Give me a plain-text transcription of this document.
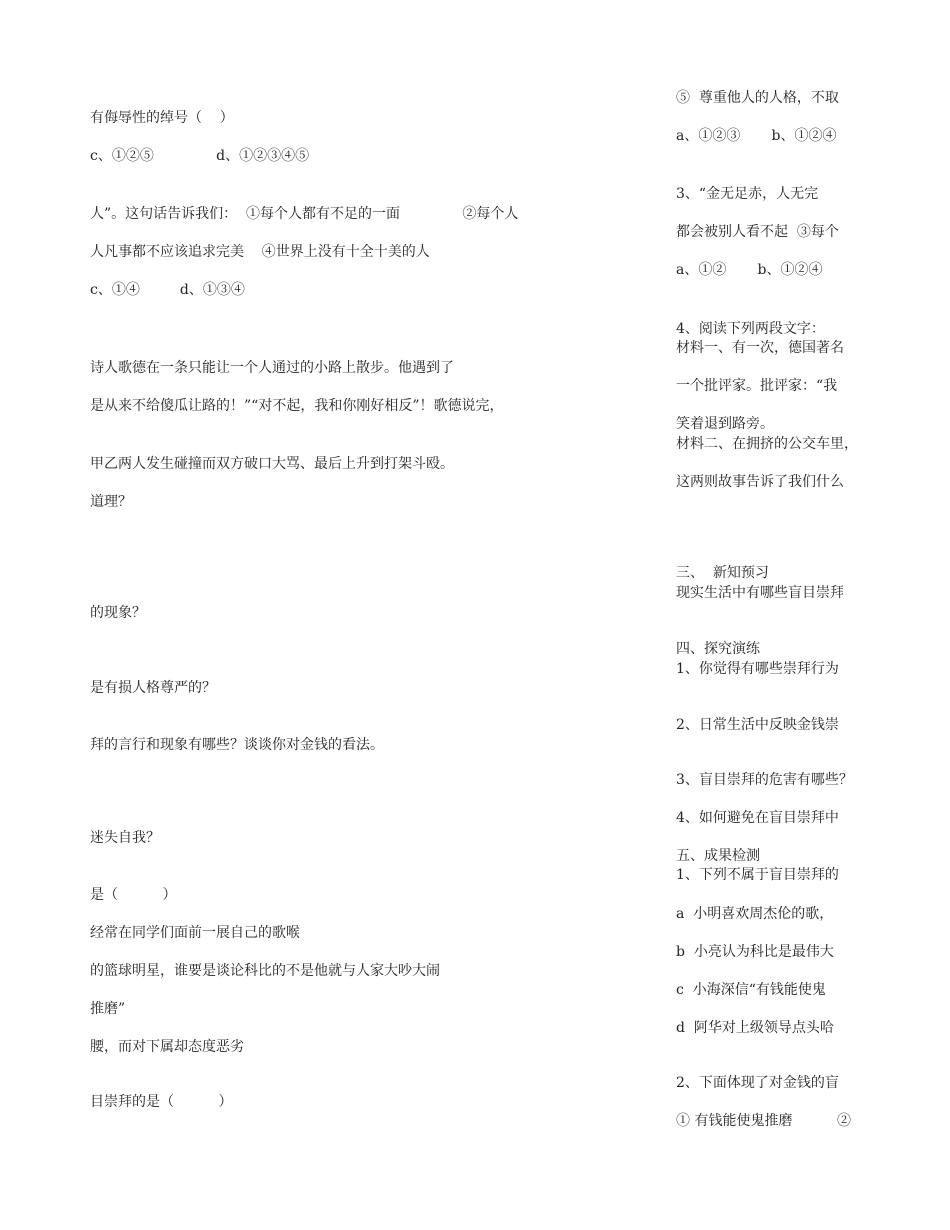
有侮辱性的绰号（    ）
c、①②⑤              d、①②③④⑤
人”。这句话告诉我们：  ①每个人都有不足的一面              ②每个人
人凡事都不应该追求完美    ④世界上没有十全十美的人
c、①④         d、①③④
诗人歌德在一条只能让一个人通过的小路上散步。他遇到了
是从来不给傻瓜让路的！”“对不起，我和你刚好相反”！歌德说完，
甲乙两人发生碰撞而双方破口大骂、最后上升到打架斗殴。
道理？
的现象？
是有损人格尊严的？
拜的言行和现象有哪些？谈谈你对金钱的看法。
迷失自我？
是（          ）
经常在同学们面前一展自己的歌喉
的篮球明星，谁要是谈论科比的不是他就与人家大吵大闹
推磨”
腰，而对下属却态度恶劣
目崇拜的是（          ）
⑤  尊重他人的人格，不取
a、①②③       b、①②④
3、“金无足赤，人无完
都会被别人看不起  ③每个
a、①②       b、①②④
4、阅读下列两段文字：
材料一、有一次，德国著名
一个批评家。批评家：“我
笑着退到路旁。
材料二、在拥挤的公交车里，
这两则故事告诉了我们什么
三、  新知预习
现实生活中有哪些盲目崇拜
四、探究演练
1、你觉得有哪些崇拜行为
2、日常生活中反映金钱崇
3、盲目崇拜的危害有哪些？
4、如何避免在盲目崇拜中
五、成果检测
1、下列不属于盲目崇拜的
a  小明喜欢周杰伦的歌，
b  小亮认为科比是最伟大
c  小海深信“有钱能使鬼
d  阿华对上级领导点头哈
2、下面体现了对金钱的盲
① 有钱能使鬼推磨          ②
